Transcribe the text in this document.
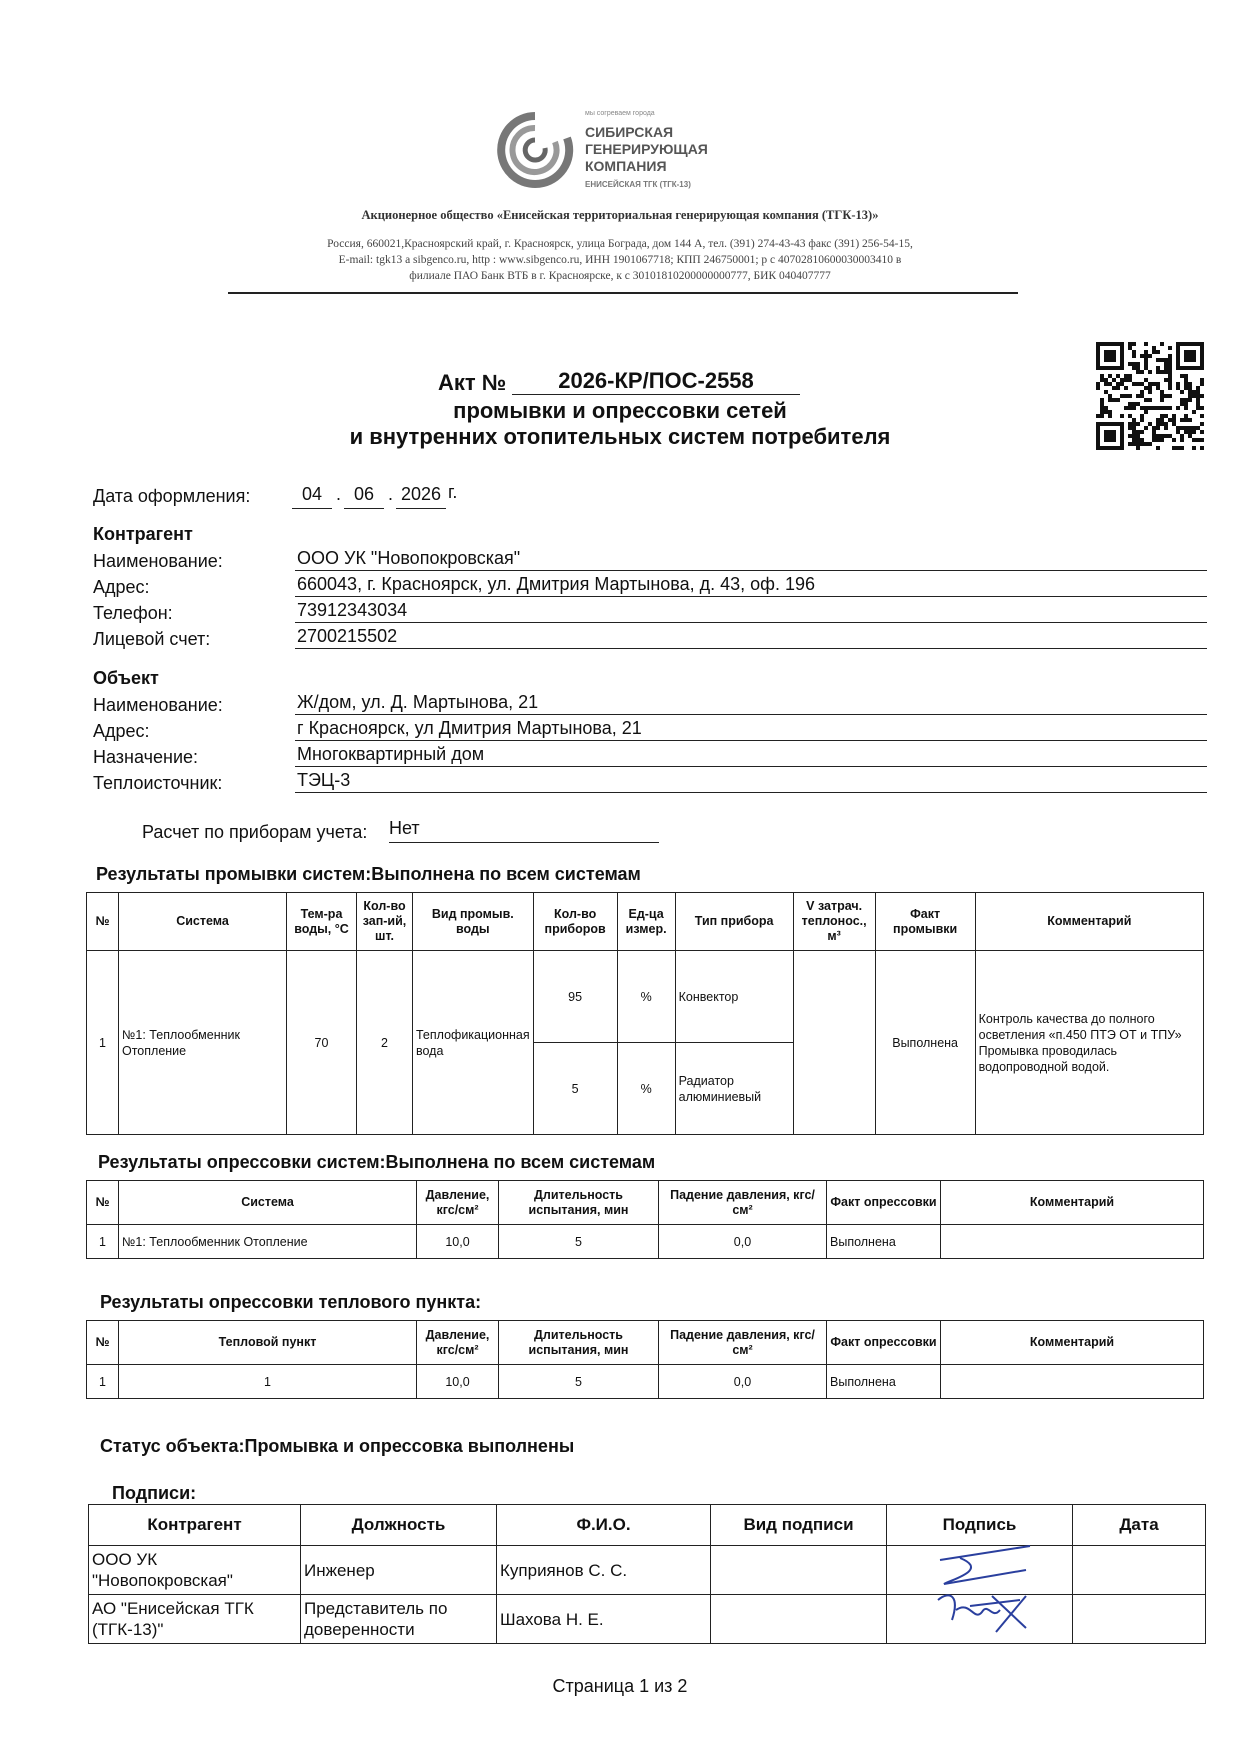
мы согреваем города
СИБИРСКАЯ
ГЕНЕРИРУЮЩАЯ
КОМПАНИЯ
ЕНИСЕЙСКАЯ ТГК (ТГК-13)
Акционерное общество «Енисейская территориальная генерирующая компания (ТГК-13)»
Россия, 660021,Красноярский край, г. Красноярск, улица Бограда, дом 144 А, тел. (391) 274-43-43 факс (391) 256-54-15,
E-mail: tgk13 a sibgenco.ru, http : www.sibgenco.ru, ИНН 1901067718; КПП 246750001; р с 40702810600030003410 в
филиале ПАО Банк ВТБ в г. Красноярске, к с 30101810200000000777, БИК 040407777
Акт №	2026-КР/ПОС-2558
промывки и опрессовки сетей
и внутренних отопительных систем потребителя
Дата оформления:	04 . 06 . 2026 г.
Контрагент
Наименование:	ООО УК "Новопокровская"
Адрес:	660043, г. Красноярск, ул. Дмитрия Мартынова, д. 43, оф. 196
Телефон:	73912343034
Лицевой счет:	2700215502
Объект
Наименование:	Ж/дом, ул. Д. Мартынова, 21
Адрес:	г Красноярск, ул Дмитрия Мартынова, 21
Назначение:	Многоквартирный дом
Теплоисточник:	ТЭЦ-3
Расчет по приборам учета: Нет
Результаты промывки систем:Выполнена по всем системам
№	Система	Тем-ра воды, °С	Кол-во зап-ий, шт.	Вид промыв. воды	Кол-во приборов	Ед-ца измер.	Тип прибора	V затрач. теплонос., м³	Факт промывки	Комментарий
1	№1: Теплообменник Отопление	70	2	Теплофикационная вода	95	%	Конвектор		Выполнена	Контроль качества до полного осветления «п.450 ПТЭ ОТ и ТПУ» Промывка проводилась водопроводной водой.
					5	%	Радиатор алюминиевый			
Результаты опрессовки систем:Выполнена по всем системам
№	Система	Давление, кгс/см²	Длительность испытания, мин	Падение давления, кгс/см²	Факт опрессовки	Комментарий
1	№1: Теплообменник Отопление	10,0	5	0,0	Выполнена	
Результаты опрессовки теплового пункта:
№	Тепловой пункт	Давление, кгс/см²	Длительность испытания, мин	Падение давления, кгс/см²	Факт опрессовки	Комментарий
1	1	10,0	5	0,0	Выполнена	
Статус объекта:Промывка и опрессовка выполнены
Подписи:
Контрагент	Должность	Ф.И.О.	Вид подписи	Подпись	Дата
ООО УК "Новопокровская"	Инженер	Куприянов С. С.			
АО "Енисейская ТГК (ТГК-13)"	Представитель по доверенности	Шахова Н. Е.			
Страница 1 из 2
